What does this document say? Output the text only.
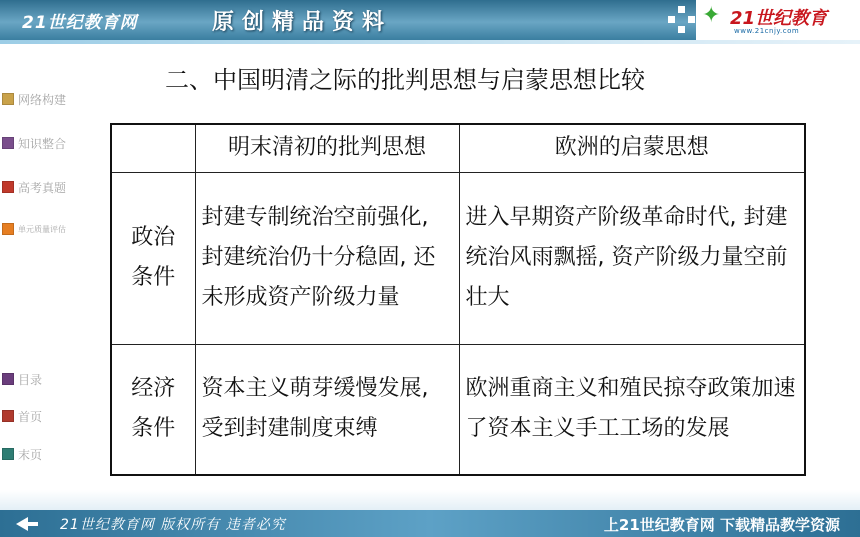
21世纪教育网	原创精品资料	✦ 21世纪教育
www.21cnjy.com
网络构建
知识整合
高考真题
单元质量评估
目录
首页
末页
二、中国明清之际的批判思想与启蒙思想比较
	明末清初的批判思想	欧洲的启蒙思想

政治
条件	封建专制统治空前强化, 封建统治仍十分稳固, 还未形成资产阶级力量	进入早期资产阶级革命时代, 封建统治风雨飘摇, 资产阶级力量空前壮大

经济
条件	资本主义萌芽缓慢发展, 受到封建制度束缚	欧洲重商主义和殖民掠夺政策加速了资本主义手工工场的发展
21世纪教育网 版权所有 违者必究	上21世纪教育网 下载精品教学资源
